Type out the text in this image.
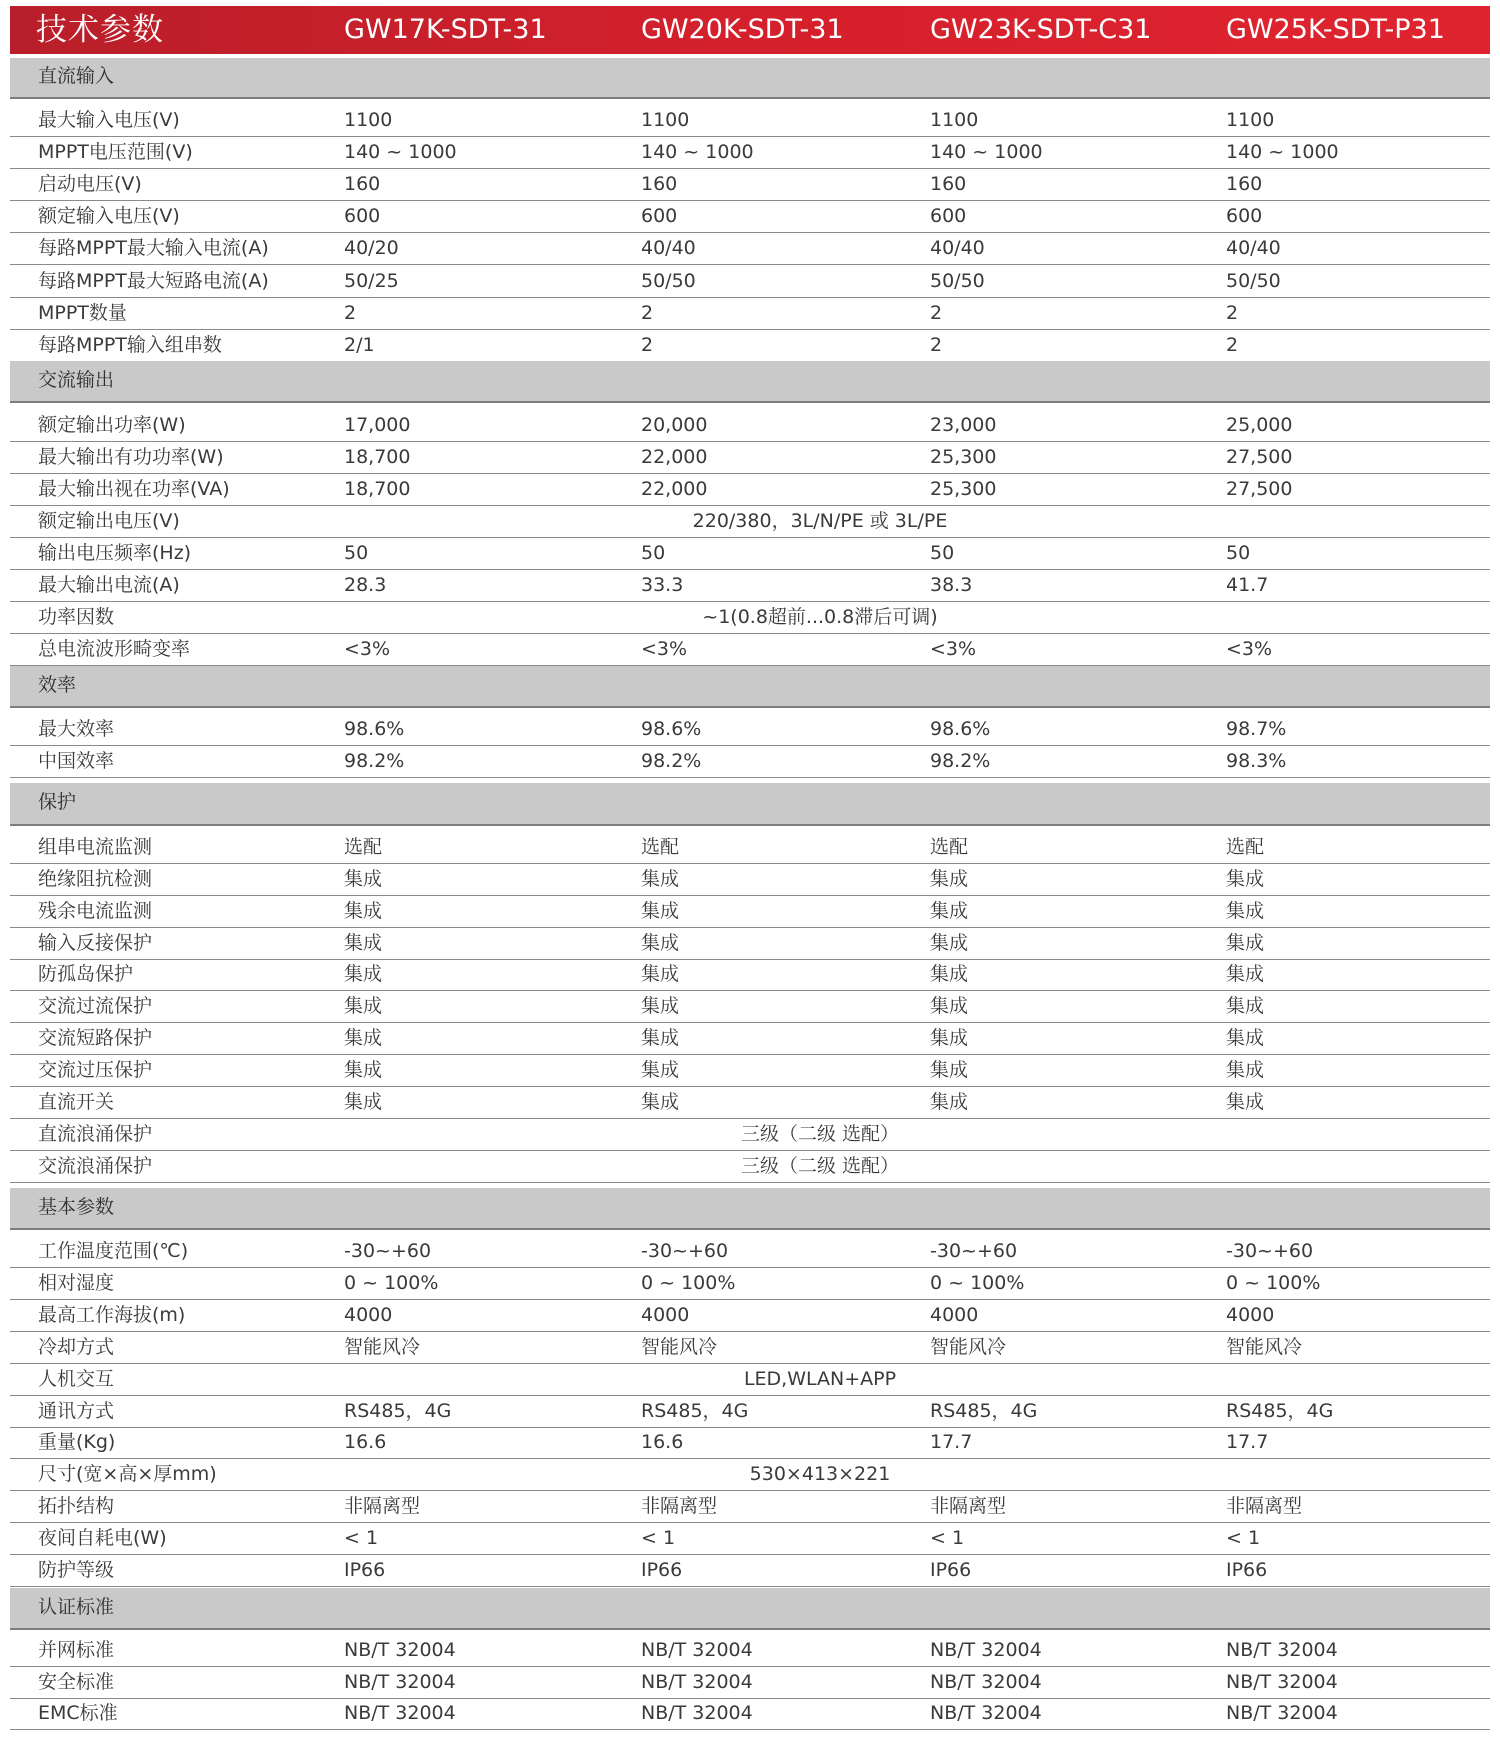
技术参数	GW17K-SDT-31	GW20K-SDT-31	GW23K-SDT-C31	GW25K-SDT-P31
直流输入
最大输入电压(V)	1100	1100	1100	1100
MPPT电压范围(V)	140 ~ 1000	140 ~ 1000	140 ~ 1000	140 ~ 1000
启动电压(V)	160	160	160	160
额定输入电压(V)	600	600	600	600
每路MPPT最大输入电流(A)	40/20	40/40	40/40	40/40
每路MPPT最大短路电流(A)	50/25	50/50	50/50	50/50
MPPT数量	2	2	2	2
每路MPPT输入组串数	2/1	2	2	2
交流输出
额定输出功率(W)	17,000	20,000	23,000	25,000
最大输出有功功率(W)	18,700	22,000	25,300	27,500
最大输出视在功率(VA)	18,700	22,000	25,300	27,500
额定输出电压(V)	220/380，3L/N/PE 或 3L/PE
输出电压频率(Hz)	50	50	50	50
最大输出电流(A)	28.3	33.3	38.3	41.7
功率因数	~1(0.8超前...0.8滞后可调)
总电流波形畸变率	<3%	<3%	<3%	<3%
效率
最大效率	98.6%	98.6%	98.6%	98.7%
中国效率	98.2%	98.2%	98.2%	98.3%
保护
组串电流监测	选配	选配	选配	选配
绝缘阻抗检测	集成	集成	集成	集成
残余电流监测	集成	集成	集成	集成
输入反接保护	集成	集成	集成	集成
防孤岛保护	集成	集成	集成	集成
交流过流保护	集成	集成	集成	集成
交流短路保护	集成	集成	集成	集成
交流过压保护	集成	集成	集成	集成
直流开关	集成	集成	集成	集成
直流浪涌保护	三级（二级 选配）
交流浪涌保护	三级（二级 选配）
基本参数
工作温度范围(℃)	-30~+60	-30~+60	-30~+60	-30~+60
相对湿度	0 ~ 100%	0 ~ 100%	0 ~ 100%	0 ~ 100%
最高工作海拔(m)	4000	4000	4000	4000
冷却方式	智能风冷	智能风冷	智能风冷	智能风冷
人机交互	LED,WLAN+APP
通讯方式	RS485，4G	RS485，4G	RS485，4G	RS485，4G
重量(Kg)	16.6	16.6	17.7	17.7
尺寸(宽×高×厚mm)	530×413×221
拓扑结构	非隔离型	非隔离型	非隔离型	非隔离型
夜间自耗电(W)	< 1	< 1	< 1	< 1
防护等级	IP66	IP66	IP66	IP66
认证标准
并网标准	NB/T 32004	NB/T 32004	NB/T 32004	NB/T 32004
安全标准	NB/T 32004	NB/T 32004	NB/T 32004	NB/T 32004
EMC标准	NB/T 32004	NB/T 32004	NB/T 32004	NB/T 32004
